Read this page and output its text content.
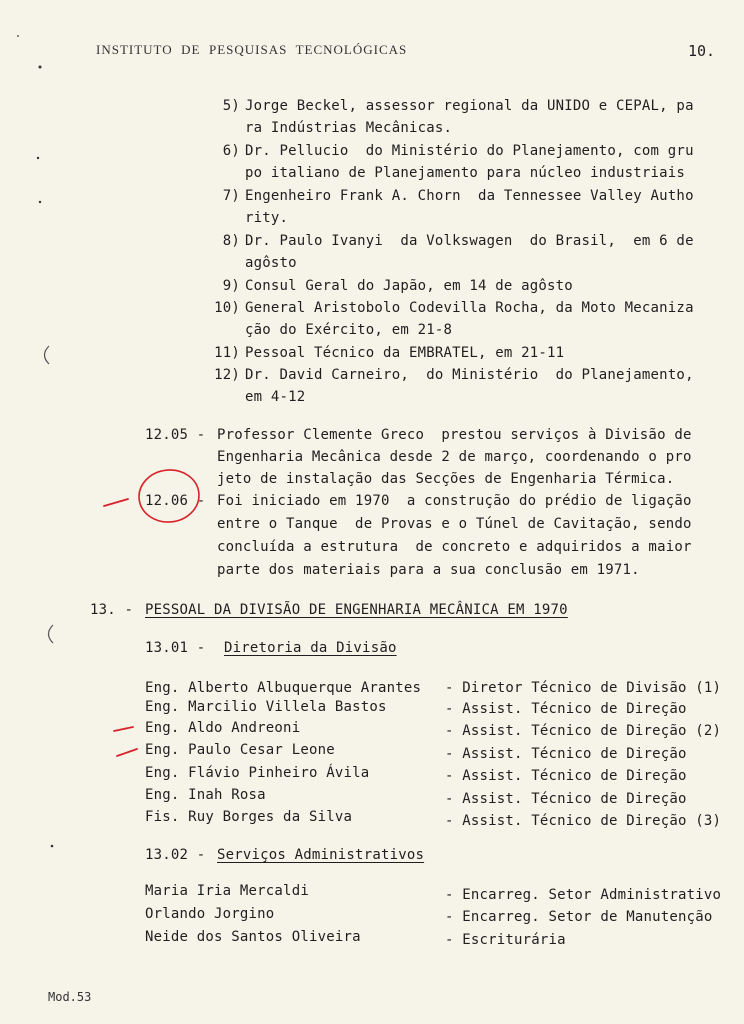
INSTITUTO  DE  PESQUISAS  TECNOLÓGICAS	10.
5) Jorge Beckel, assessor regional da UNIDO e CEPAL, pa
ra Indústrias Mecânicas.
6) Dr. Pellucio  do Ministério do Planejamento, com gru
po italiano de Planejamento para núcleo industriais
7) Engenheiro Frank A. Chorn  da Tennessee Valley Autho
rity.
8) Dr. Paulo Ivanyi  da Volkswagen  do Brasil,  em 6 de
agôsto
9) Consul Geral do Japão, em 14 de agôsto
10) General Aristobolo Codevilla Rocha, da Moto Mecaniza
ção do Exército, em 21-8
11) Pessoal Técnico da EMBRATEL, em 21-11
12) Dr. David Carneiro,  do Ministério  do Planejamento,
em 4-12
12.05 - Professor Clemente Greco  prestou serviços à Divisão de
Engenharia Mecânica desde 2 de março, coordenando o pro
jeto de instalação das Secções de Engenharia Térmica.
12.06 - Foi iniciado em 1970  a construção do prédio de ligação
entre o Tanque  de Provas e o Túnel de Cavitação, sendo
concluída a estrutura  de concreto e adquiridos a maior
parte dos materiais para a sua conclusão em 1971.
13. - PESSOAL DA DIVISÃO DE ENGENHARIA MECÂNICA EM 1970
13.01 - Diretoria da Divisão
Eng. Alberto Albuquerque Arantes - Diretor Técnico de Divisão (1)
Eng. Marcilio Villela Bastos	- Assist. Técnico de Direção
Eng. Aldo Andreoni	- Assist. Técnico de Direção (2)
Eng. Paulo Cesar Leone	- Assist. Técnico de Direção
Eng. Flávio Pinheiro Ávila	- Assist. Técnico de Direção
Eng. Inah Rosa	- Assist. Técnico de Direção
Fis. Ruy Borges da Silva	- Assist. Técnico de Direção (3)
13.02 - Serviços Administrativos
Maria Iria Mercaldi	- Encarreg. Setor Administrativo
Orlando Jorgino	- Encarreg. Setor de Manutenção
Neide dos Santos Oliveira	- Escriturária
Mod.53
